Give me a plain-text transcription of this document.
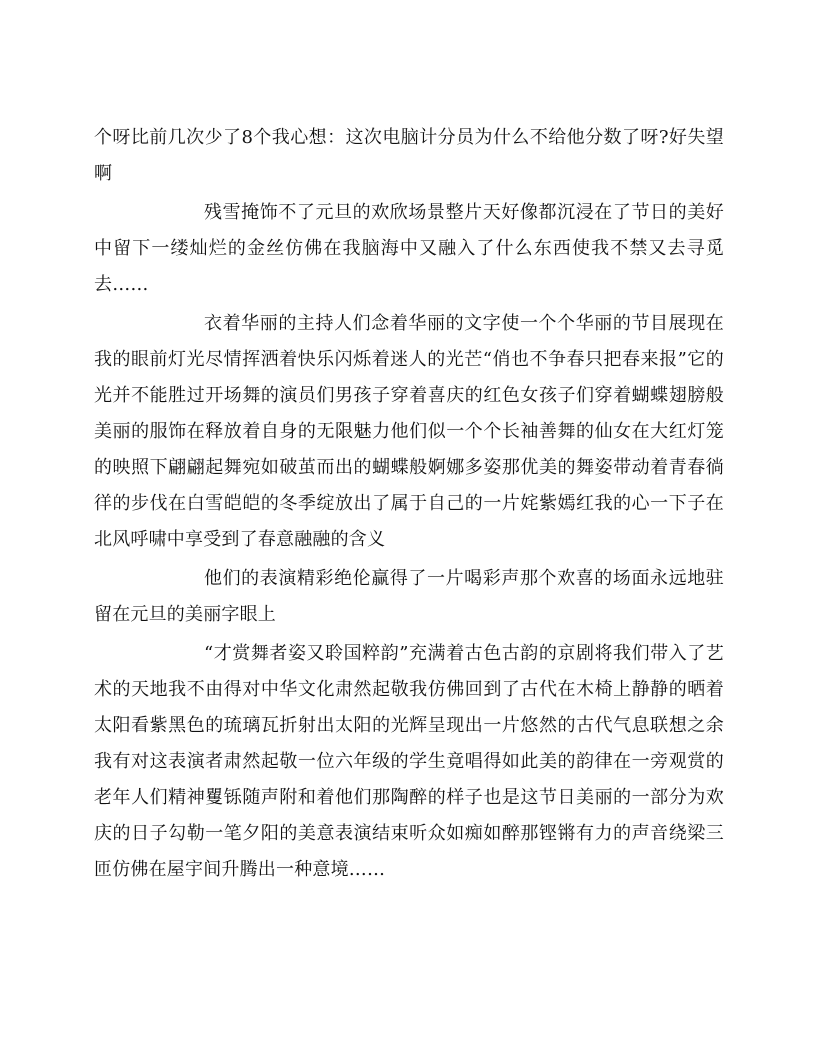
个呀比前几次少了8个我心想：这次电脑计分员为什么不给他分数了呀?好失望啊

残雪掩饰不了元旦的欢欣场景整片天好像都沉浸在了节日的美好中留下一缕灿烂的金丝仿佛在我脑海中又融入了什么东西使我不禁又去寻觅去……

衣着华丽的主持人们念着华丽的文字使一个个华丽的节目展现在我的眼前灯光尽情挥洒着快乐闪烁着迷人的光芒“俏也不争春只把春来报”它的光并不能胜过开场舞的演员们男孩子穿着喜庆的红色女孩子们穿着蝴蝶翅膀般美丽的服饰在释放着自身的无限魅力他们似一个个长袖善舞的仙女在大红灯笼的映照下翩翩起舞宛如破茧而出的蝴蝶般婀娜多姿那优美的舞姿带动着青春徜徉的步伐在白雪皑皑的冬季绽放出了属于自己的一片姹紫嫣红我的心一下子在北风呼啸中享受到了春意融融的含义

他们的表演精彩绝伦赢得了一片喝彩声那个欢喜的场面永远地驻留在元旦的美丽字眼上

“才赏舞者姿又聆国粹韵”充满着古色古韵的京剧将我们带入了艺术的天地我不由得对中华文化肃然起敬我仿佛回到了古代在木椅上静静的晒着太阳看紫黑色的琉璃瓦折射出太阳的光辉呈现出一片悠然的古代气息联想之余我有对这表演者肃然起敬一位六年级的学生竟唱得如此美的韵律在一旁观赏的老年人们精神矍铄随声附和着他们那陶醉的样子也是这节日美丽的一部分为欢庆的日子勾勒一笔夕阳的美意表演结束听众如痴如醉那铿锵有力的声音绕梁三匝仿佛在屋宇间升腾出一种意境……
